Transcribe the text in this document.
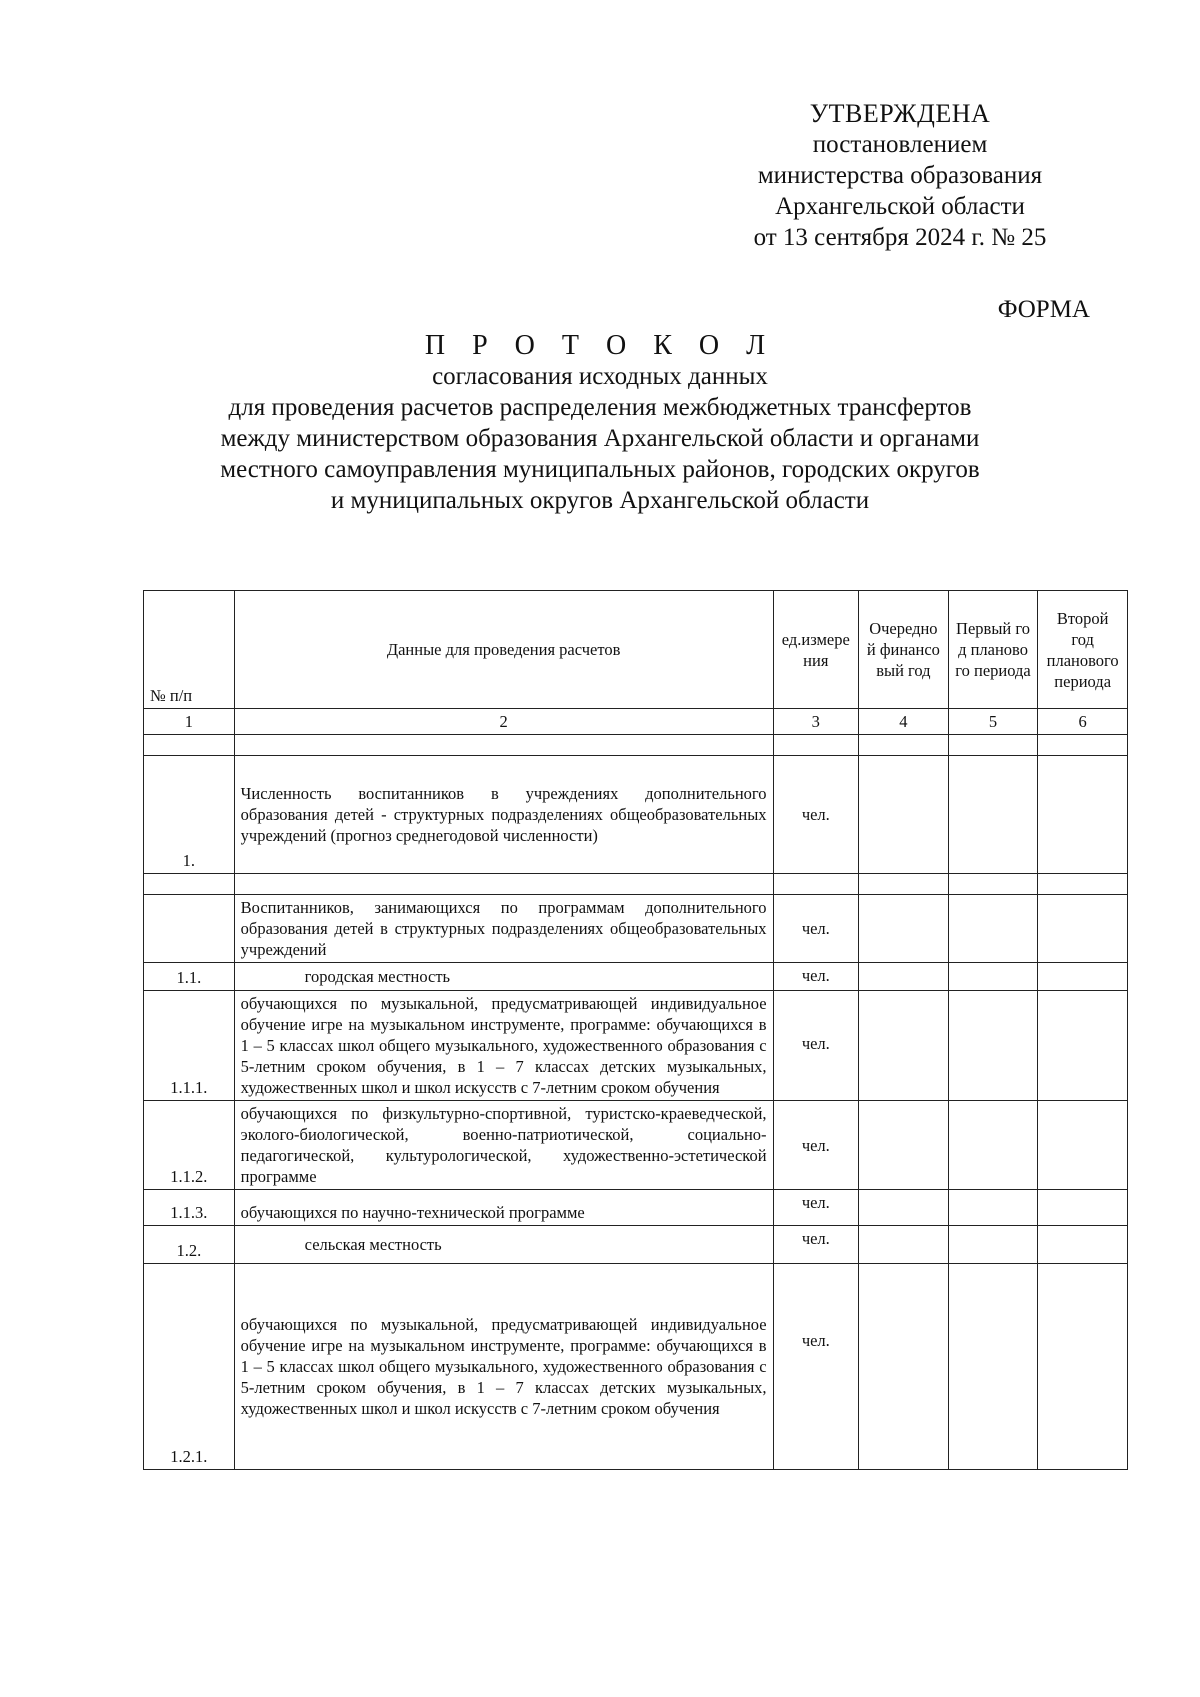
УТВЕРЖДЕНА
постановлением
министерства образования
Архангельской области
от 13 сентября 2024 г. № 25
ФОРМА
П Р О Т О К О Л
согласования исходных данных
для проведения расчетов распределения межбюджетных трансфертов
между министерством образования Архангельской области и органами
местного самоуправления муниципальных районов, городских округов
и муниципальных округов Архангельской области
№ п/п	Данные для проведения расчетов	ед.измерения	Очередной финансовый год	Первый год планового периода	Второй год планового периода
1	2	3	4	5	6

1.	Численность воспитанников в учреждениях дополнительного образования детей - структурных подразделениях общеобразовательных учреждений (прогноз среднегодовой численности)	чел.			

	Воспитанников, занимающихся по программам дополнительного образования детей в структурных подразделениях общеобразовательных учреждений	чел.			
1.1.	городская местность	чел.			
1.1.1.	обучающихся по музыкальной, предусматривающей индивидуальное обучение игре на музыкальном инструменте, программе: обучающихся в 1 – 5 классах школ общего музыкального, художественного образования с 5-летним сроком обучения, в 1 – 7 классах детских музыкальных, художественных школ и школ искусств с 7-летним сроком обучения	чел.			
1.1.2.	обучающихся по физкультурно-спортивной, туристско-краеведческой, эколого-биологической, военно-патриотической, социально-педагогической, культурологической, художественно-эстетической программе	чел.			
1.1.3.	обучающихся по научно-технической программе	чел.			
1.2.	сельская местность	чел.			
1.2.1.	обучающихся по музыкальной, предусматривающей индивидуальное обучение игре на музыкальном инструменте, программе: обучающихся в 1 – 5 классах школ общего музыкального, художественного образования с 5-летним сроком обучения, в 1 – 7 классах детских музыкальных, художественных школ и школ искусств с 7-летним сроком обучения	чел.			
